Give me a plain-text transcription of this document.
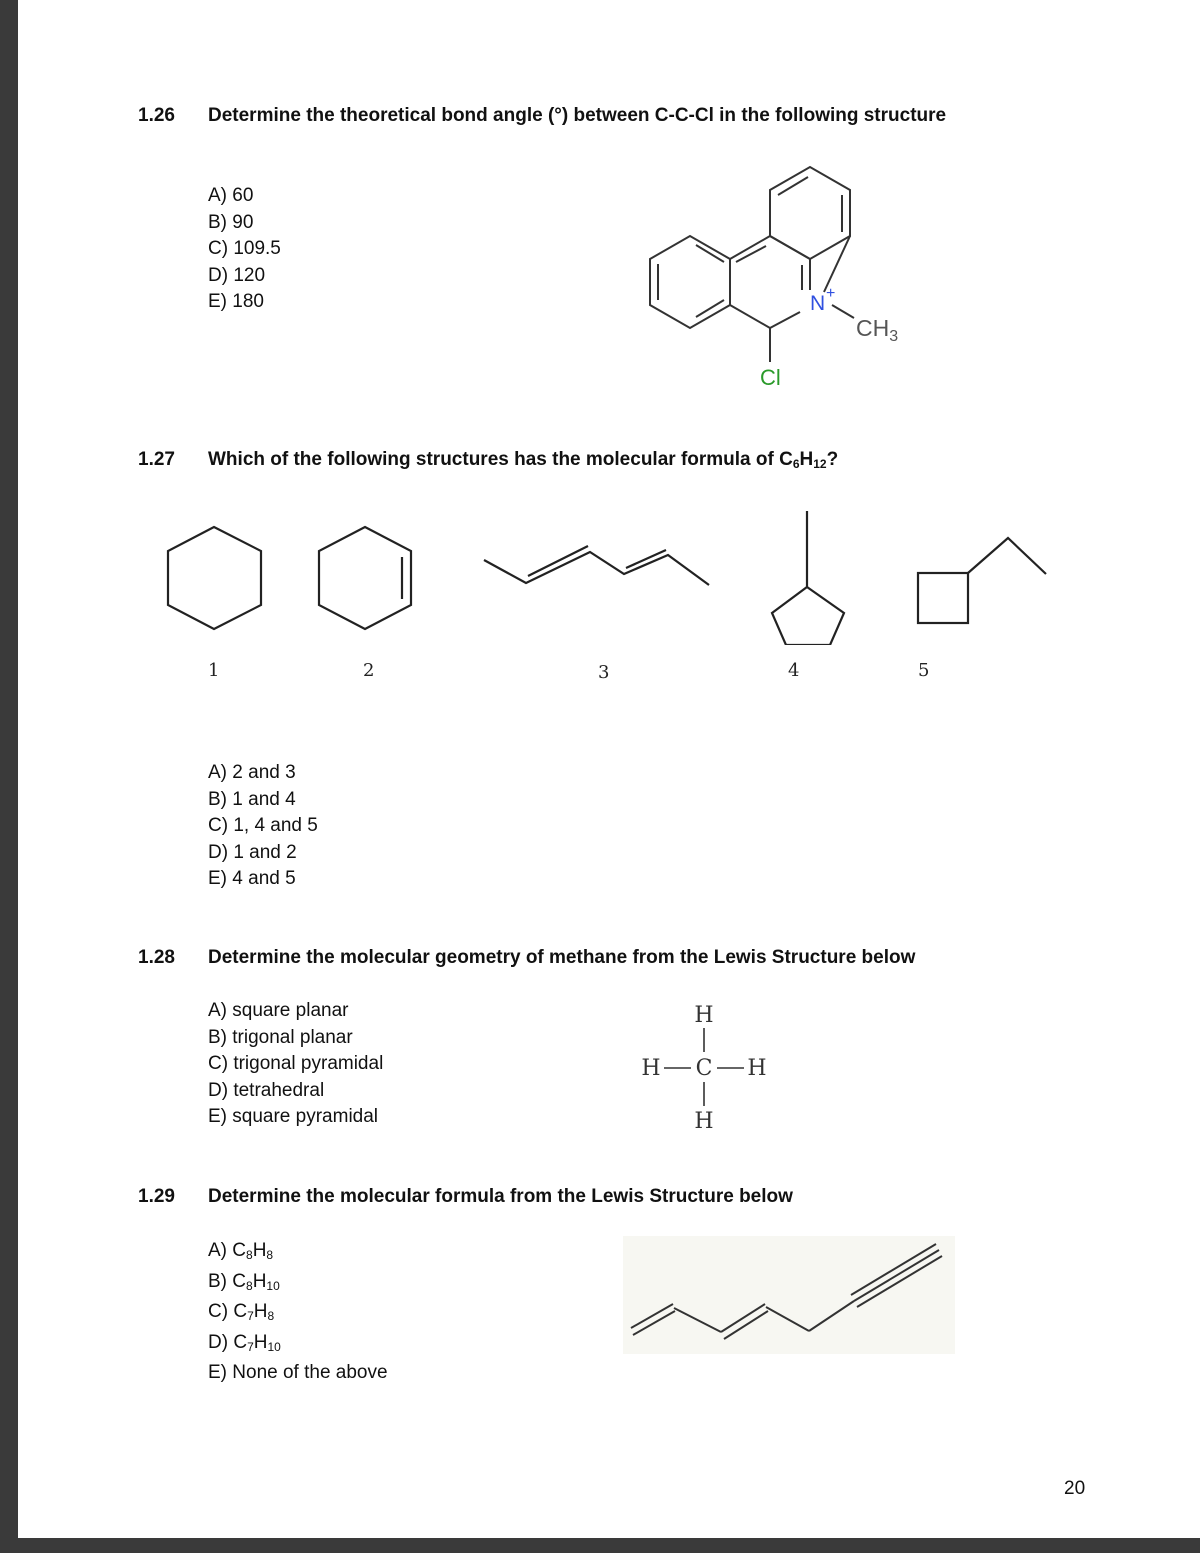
1.26 Determine the theoretical bond angle (°) between C-C-Cl in the following structure
A) 60
B) 90
C) 109.5
D) 120
E) 180	N +
$CH_3$
Cl
1.27 Which of the following structures has the molecular formula of $C_6H_{12}$?
1	2	3	4	5
A) 2 and 3
B) 1 and 4
C) 1, 4 and 5
D) 1 and 2
E) 4 and 5
1.28 Determine the molecular geometry of methane from the Lewis Structure below
A) square planar
B) trigonal planar
C) trigonal pyramidal
D) tetrahedral
E) square pyramidal
H
H C H
H
1.29 Determine the molecular formula from the Lewis Structure below
A) $C_8H_8$
B) $C_8H_{10}$
C) $C_7H_8$
D) $C_7H_{10}$
E) None of the above
20
